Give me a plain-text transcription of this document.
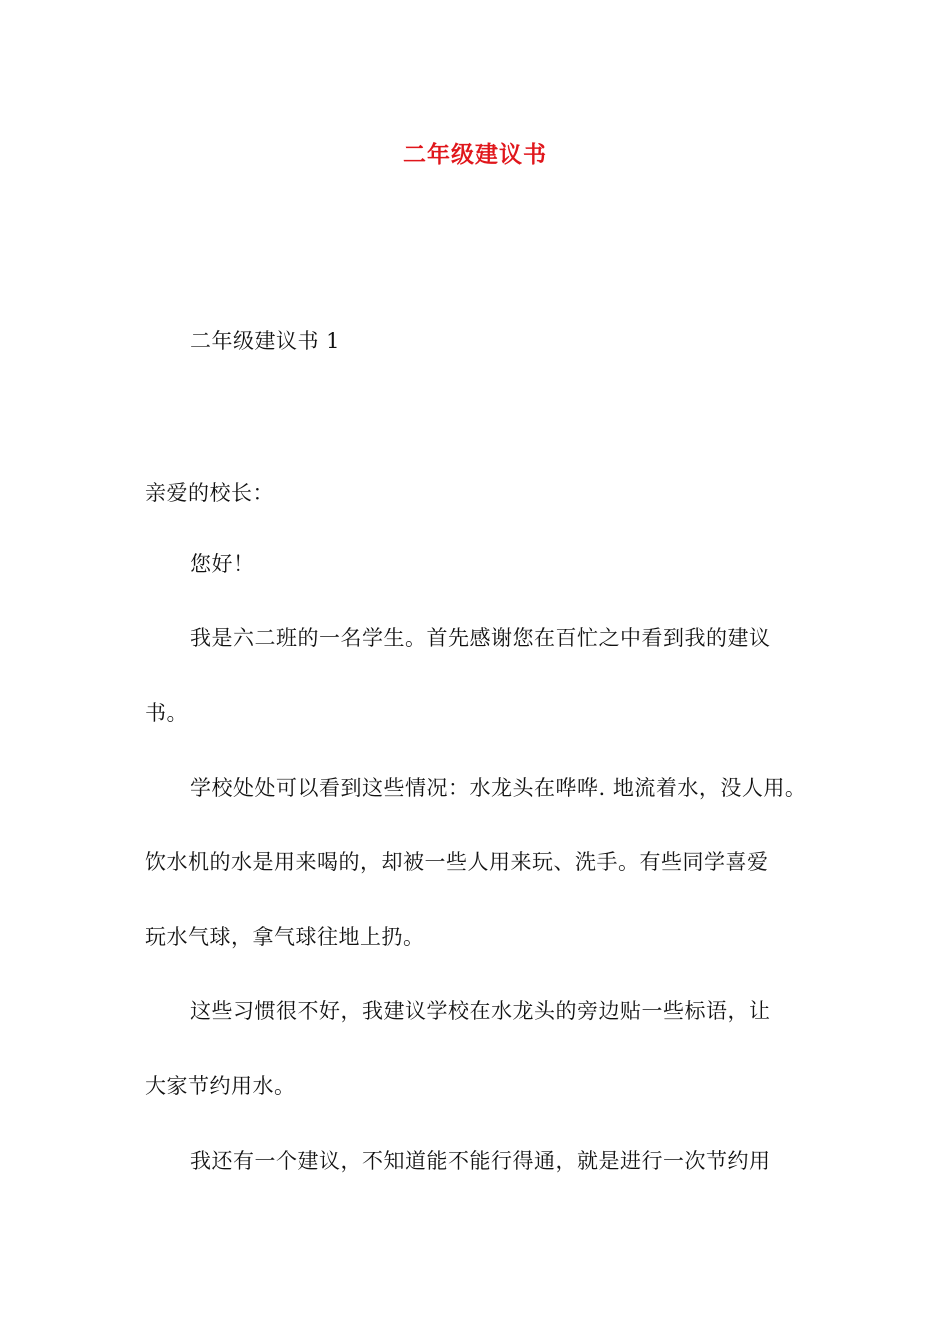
二年级建议书
二年级建议书 1
亲爱的校长：
您好！
我是六二班的一名学生。首先感谢您在百忙之中看到我的建议
书。
学校处处可以看到这些情况：水龙头在哗哗. 地流着水，没人用。
饮水机的水是用来喝的，却被一些人用来玩、洗手。有些同学喜爱
玩水气球，拿气球往地上扔。
这些习惯很不好，我建议学校在水龙头的旁边贴一些标语，让
大家节约用水。
我还有一个建议，不知道能不能行得通，就是进行一次节约用
